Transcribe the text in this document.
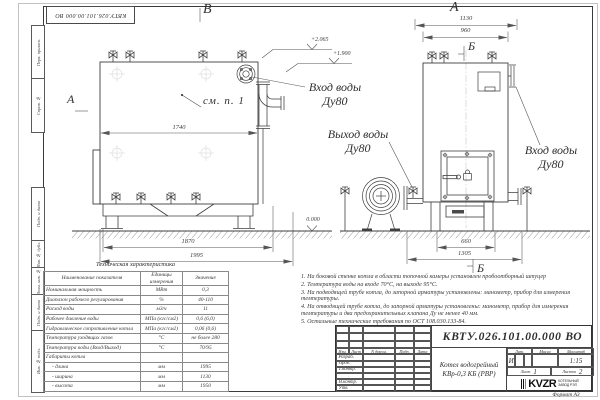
КВТУ.026.101.00.000 ВО
Перв. примен.
Справ. №
Подп. и дата
Инв. № дубл.
Взам. инв. №
Подп. и дата
Инв. № подл.
В
А	см. п. 1
1740
1870
1995
+2.065
+1.900
0.000
Вход воды
Ду80
Выход воды
Ду80
А
1130
960
Б
Б
Вход воды
Ду80
660
1305
Техническая характеристика
Наименование показателя	Единицы измерения	Значение
Номинальная мощность	МВт	0,3
Диапазон рабочего регулирования	%	40-110
Расход воды	м3/ч	11
Рабочее давление воды	МПа (кгс/см2)	0,6 (6,0)
Гидравлическое сопротивление котла	МПа (кгс/см2)	0,06 (0,6)
Температура уходящих газов	°С	не более 280
Температура воды (Вход/Выход)	°С	70/95
Габариты котла		
- длина	мм	1995
- ширина	мм	1130
- высота	мм	1950
1. На боковой стенке котла в области топочной камеры установлен пробоотборный штуцер
2. Температура воды на входе 70°С, на выходе 95°С.
3. На подводящей трубе котла, до запорной арматуры установлены: манометр, прибор для измерения температуры.
4. На отводящей трубе котла, до запорной арматуры установлены: манометр, прибор для измерения температуры и два предохранительных клапана Ду не менее 40 мм.
5. Остальные технические требования по ОСТ 108.030.133-84.
Изм.	Лист	N докум.	Подп.	Дата
Разраб.
Пров.
Т.контр.
Н.контр.
Утв.
КВТУ.026.101.00.000 ВО
Котел водогрейный
КВр-0,3 КБ (РВР)
Лит.	Масса	Масштаб
И	1:15
Лист 1	Листов 2
KVZR КОТЕЛЬНЫЙ
ЗАВОД РЭП
Формат А3
